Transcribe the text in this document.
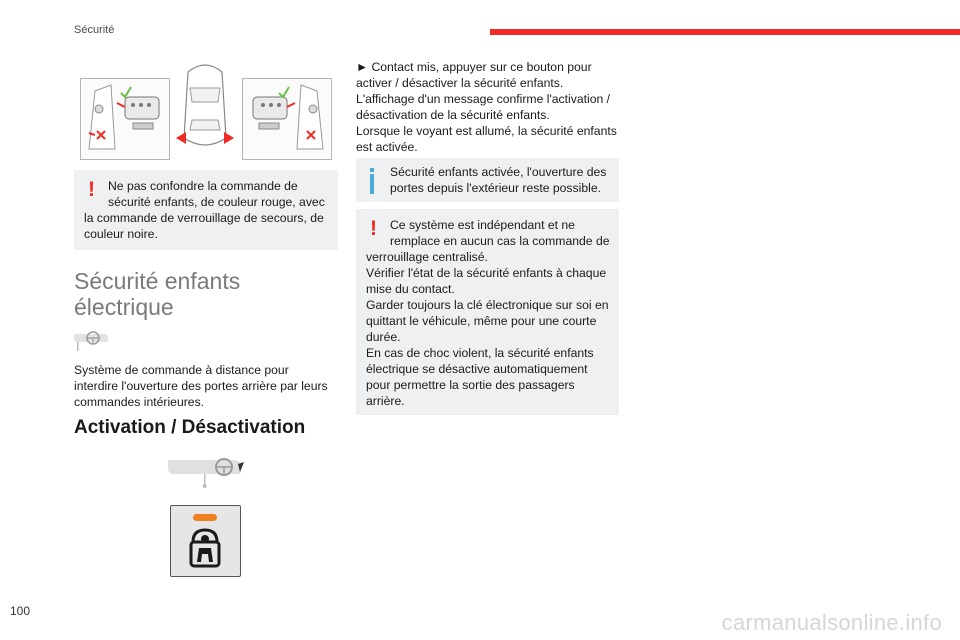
Sécurité
!	Ne pas confondre la commande de

sécurité enfants, de couleur rouge, avec

la commande de verrouillage de secours, de

couleur noire.

Sécurité enfants
électrique
Système de commande à distance pour
interdire l'ouverture des portes arrière par leurs
commandes intérieures.
Activation / Désactivation
► Contact mis, appuyer sur ce bouton pour
activer / désactiver la sécurité enfants.
L'affichage d'un message confirme l'activation /
désactivation de la sécurité enfants.
Lorsque le voyant est allumé, la sécurité enfants
est activée.

Sécurité enfants activée, l'ouverture des

portes depuis l'extérieur reste possible.

!	Ce système est indépendant et ne

remplace en aucun cas la commande de

verrouillage centralisé.

Vérifier l'état de la sécurité enfants à chaque

mise du contact.

Garder toujours la clé électronique sur soi en

quittant le véhicule, même pour une courte

durée.

En cas de choc violent, la sécurité enfants

électrique se désactive automatiquement

pour permettre la sortie des passagers

arrière.

100	carmanualsonline.info
